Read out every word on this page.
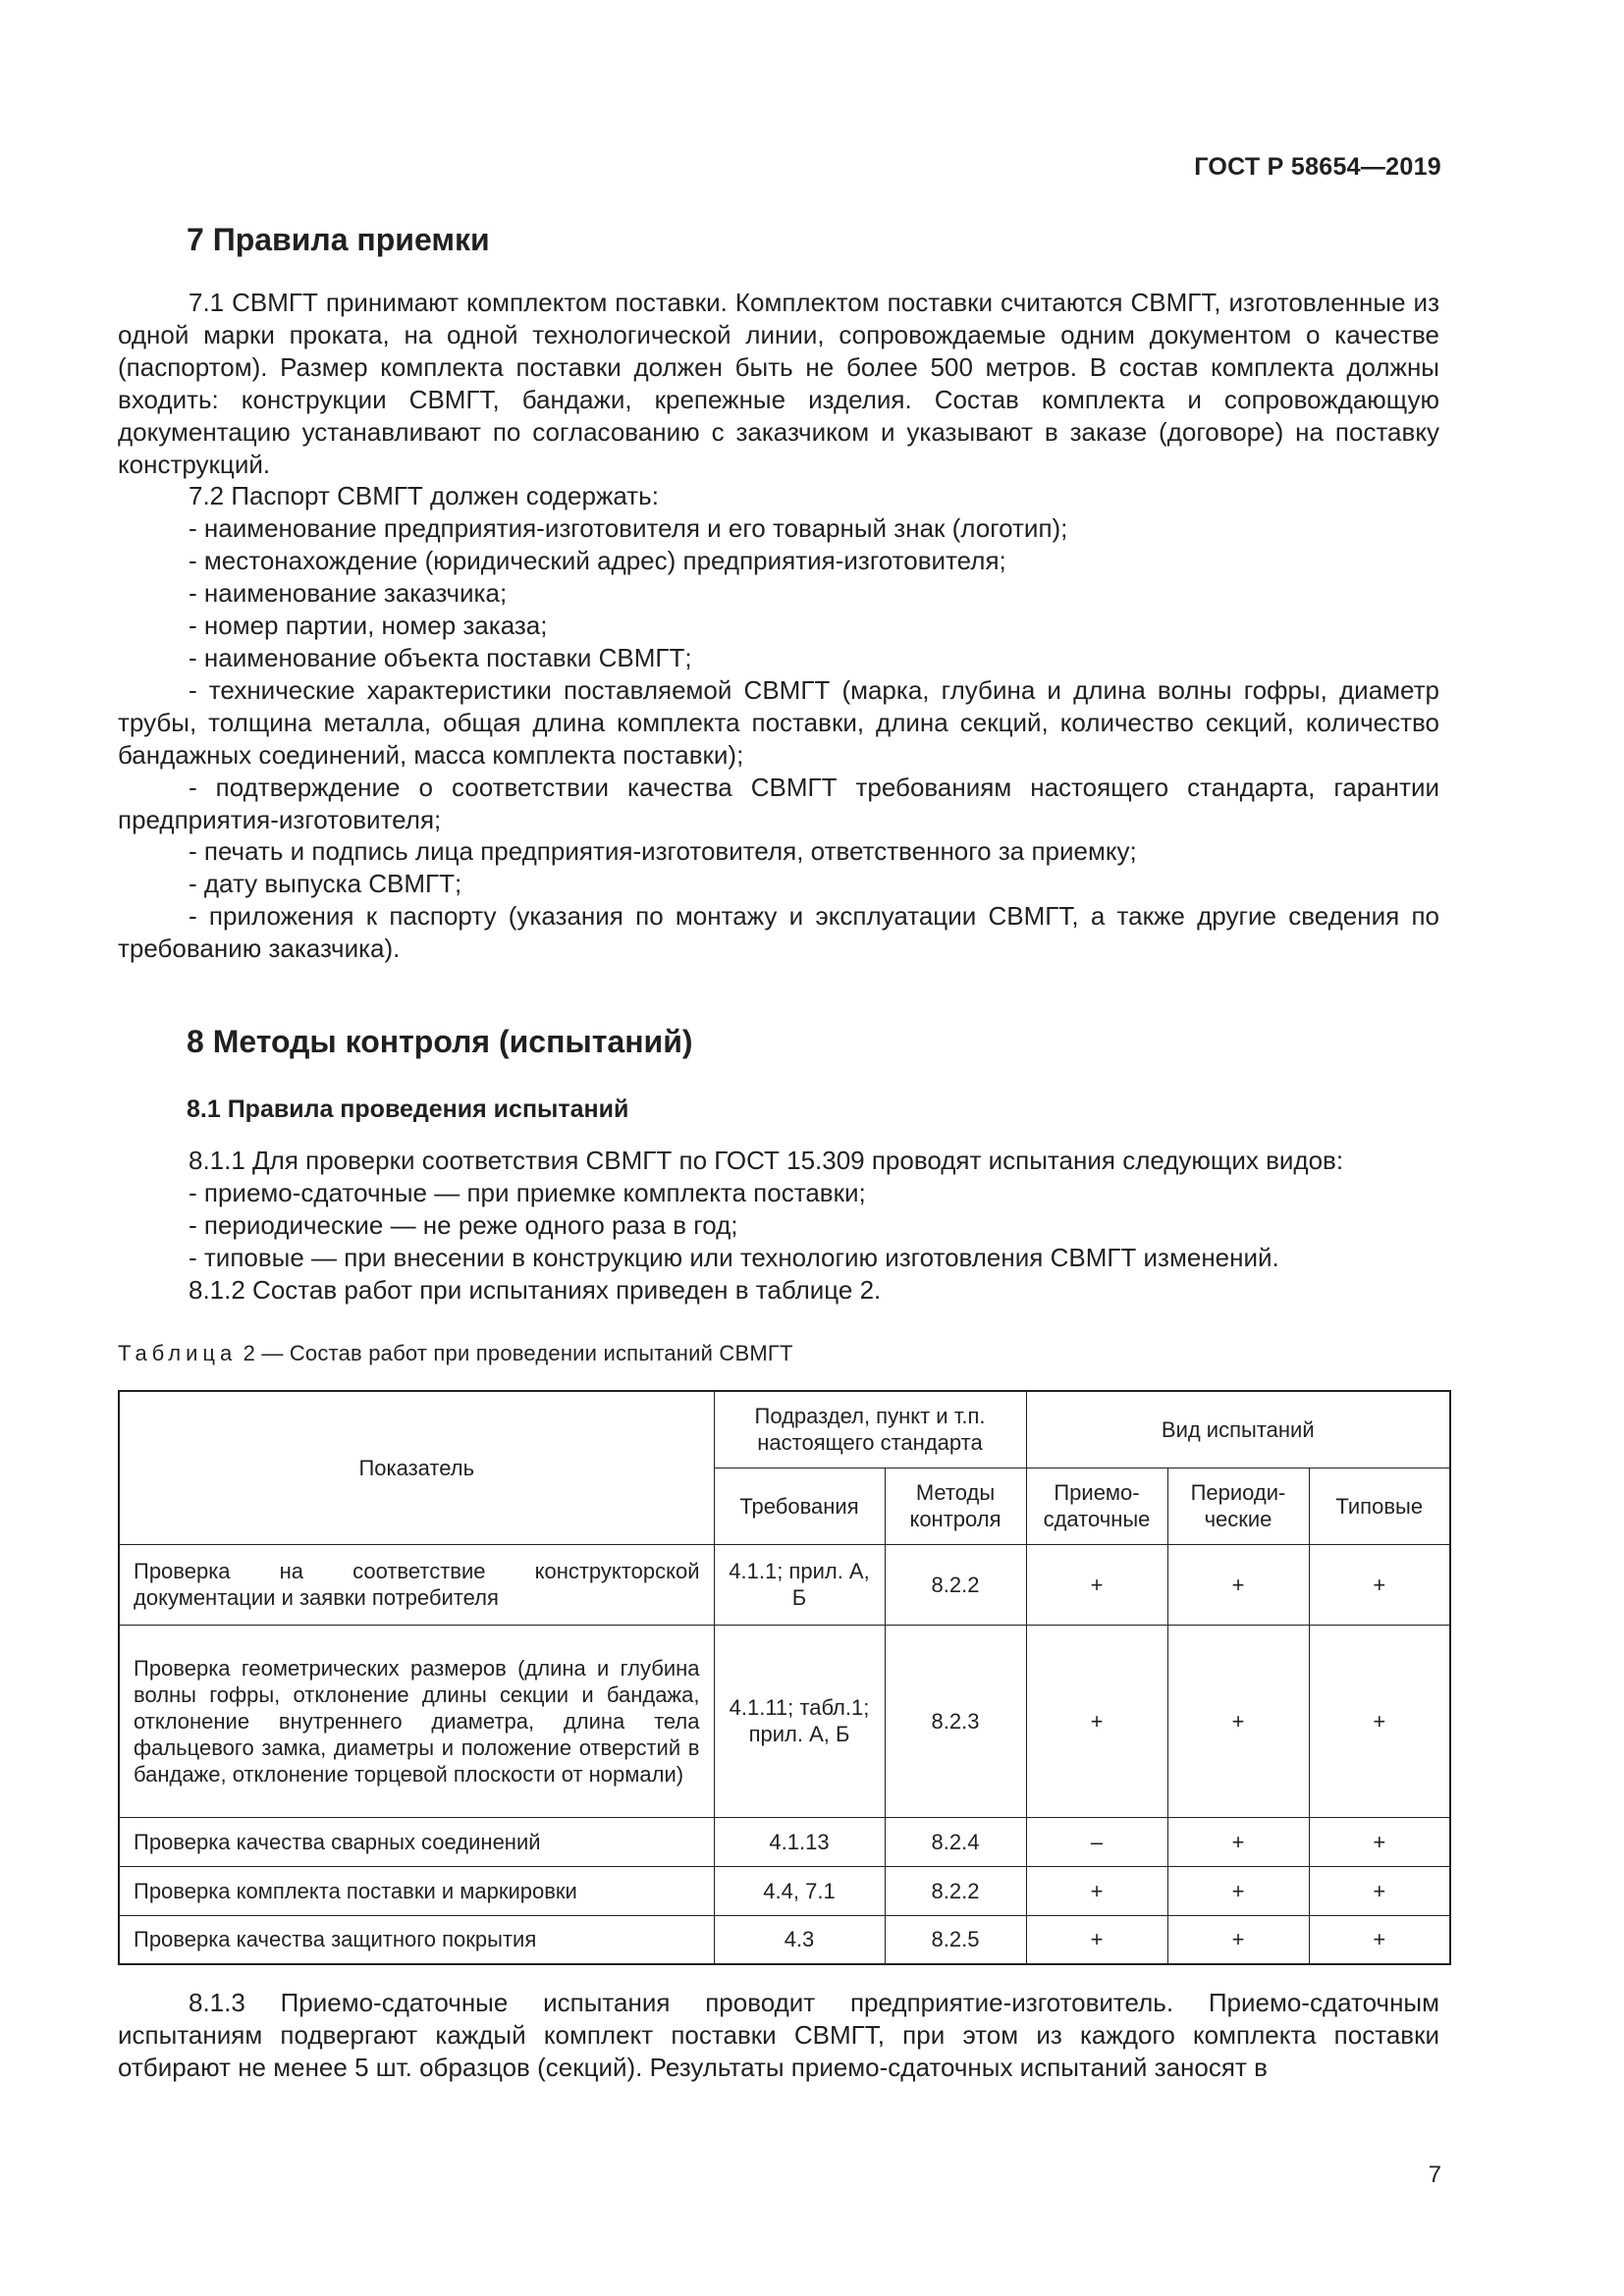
ГОСТ Р 58654—2019
7 Правила приемки

7.1 СВМГТ принимают комплектом поставки. Комплектом поставки считаются СВМГТ, изготовленные из одной марки проката, на одной технологической линии, сопровождаемые одним документом о качестве (паспортом). Размер комплекта поставки должен быть не более 500 метров. В состав комплекта должны входить: конструкции СВМГТ, бандажи, крепежные изделия. Состав комплекта и сопровождающую документацию устанавливают по согласованию с заказчиком и указывают в заказе (договоре) на поставку конструкций.

7.2 Паспорт СВМГТ должен содержать:

- наименование предприятия-изготовителя и его товарный знак (логотип);

- местонахождение (юридический адрес) предприятия-изготовителя;

- наименование заказчика;

- номер партии, номер заказа;

- наименование объекта поставки СВМГТ;

- технические характеристики поставляемой СВМГТ (марка, глубина и длина волны гофры, диаметр трубы, толщина металла, общая длина комплекта поставки, длина секций, количество секций, количество бандажных соединений, масса комплекта поставки);

- подтверждение о соответствии качества СВМГТ требованиям настоящего стандарта, гарантии предприятия-изготовителя;

- печать и подпись лица предприятия-изготовителя, ответственного за приемку;

- дату выпуска СВМГТ;

- приложения к паспорту (указания по монтажу и эксплуатации СВМГТ, а также другие сведения по требованию заказчика).

8 Методы контроля (испытаний)
8.1 Правила проведения испытаний

8.1.1 Для проверки соответствия СВМГТ по ГОСТ 15.309 проводят испытания следующих видов:

- приемо-сдаточные — при приемке комплекта поставки;

- периодические — не реже одного раза в год;

- типовые — при внесении в конструкцию или технологию изготовления СВМГТ изменений.

8.1.2 Состав работ при испытаниях приведен в таблице 2.

Таблица 2 — Состав работ при проведении испытаний СВМГТ
Показатель	Подраздел, пункт и т.п. настоящего стандарта		Вид испытаний		
	Требования	Методы контроля	Приемо-сдаточные	Периоди-ческие	Типовые
Проверка на соответствие конструкторской документации и заявки потребителя	4.1.1; прил. А, Б	8.2.2	+	+	+
Проверка геометрических размеров (длина и глубина волны гофры, отклонение длины секции и бандажа, отклонение внутреннего диаметра, длина тела фальцевого замка, диаметры и положение отверстий в бандаже, отклонение торцевой плоскости от нормали)	4.1.11; табл.1; прил. А, Б	8.2.3	+	+	+
Проверка качества сварных соединений	4.1.13	8.2.4	–	+	+
Проверка комплекта поставки и маркировки	4.4, 7.1	8.2.2	+	+	+
Проверка качества защитного покрытия	4.3	8.2.5	+	+	+

8.1.3 Приемо-сдаточные испытания проводит предприятие-изготовитель. Приемо-сдаточным испытаниям подвергают каждый комплект поставки СВМГТ, при этом из каждого комплекта поставки отбирают не менее 5 шт. образцов (секций). Результаты приемо-сдаточных испытаний заносят в

7
